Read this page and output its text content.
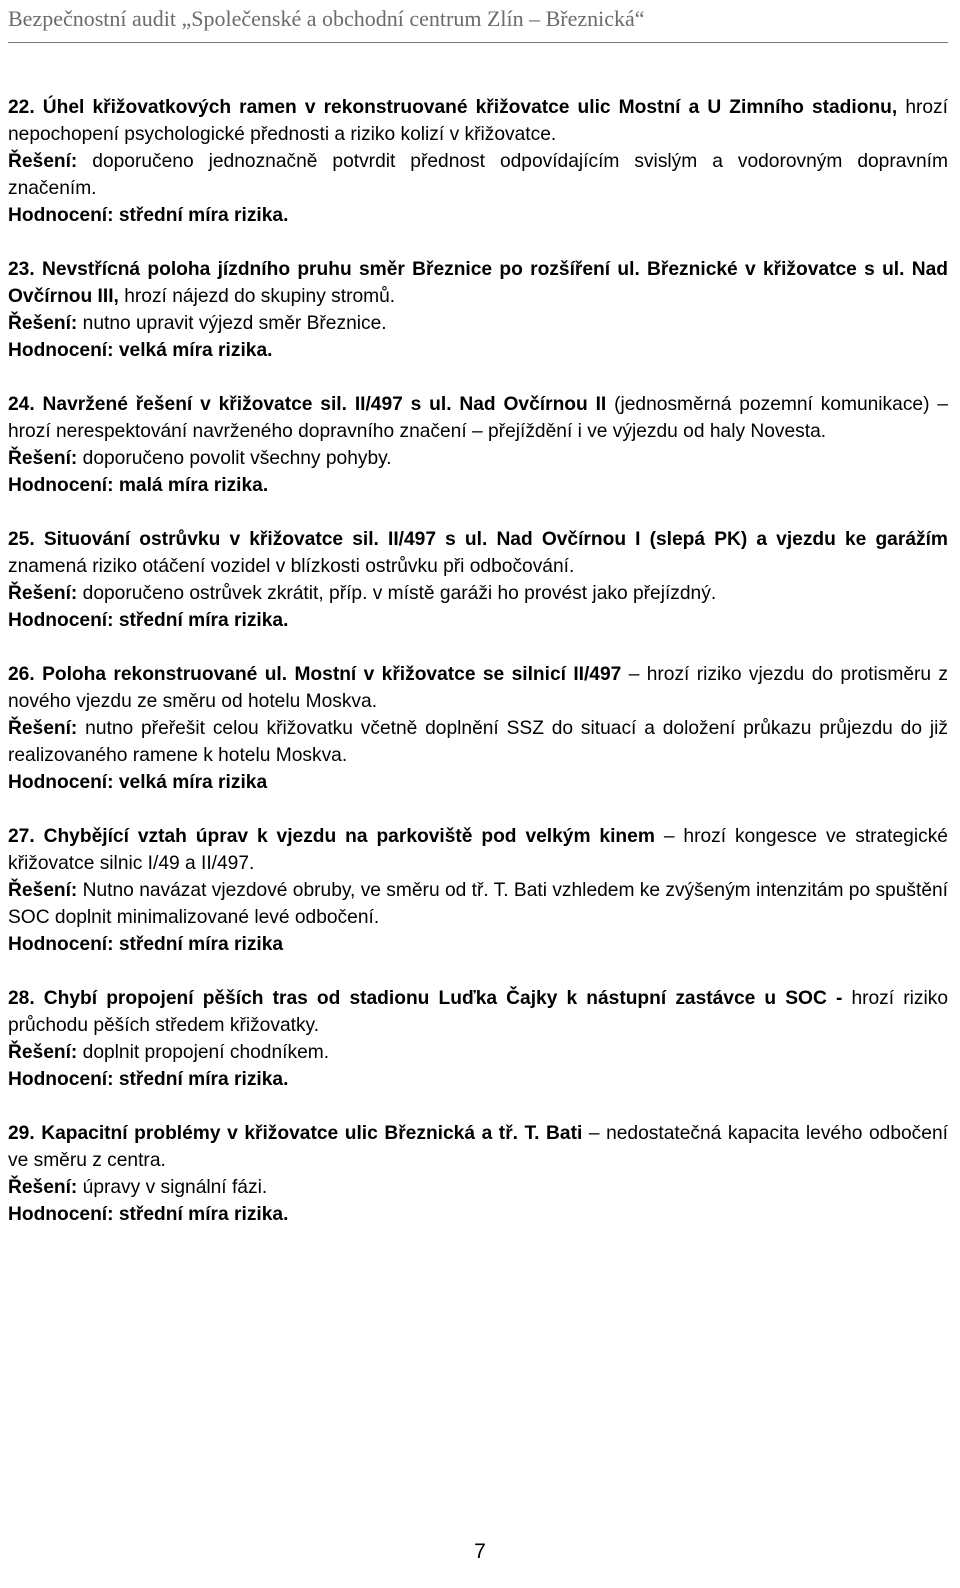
Bezpečnostní audit „Společenské a obchodní centrum Zlín – Březnická“

22. Úhel křižovatkových ramen v rekonstruované křižovatce ulic Mostní a U Zimního stadionu, hrozí nepochopení psychologické přednosti a riziko kolizí v křižovatce.

Řešení: doporučeno jednoznačně potvrdit přednost odpovídajícím svislým a vodorovným dopravním značením.

Hodnocení: střední míra rizika.

23. Nevstřícná poloha jízdního pruhu směr Březnice po rozšíření ul. Březnické v křižovatce s ul. Nad Ovčírnou III, hrozí nájezd do skupiny stromů.

Řešení: nutno upravit výjezd směr Březnice.

Hodnocení: velká míra rizika.

24. Navržené řešení v křižovatce sil. II/497 s ul. Nad Ovčírnou II (jednosměrná pozemní komunikace) – hrozí nerespektování navrženého dopravního značení – přejíždění i ve výjezdu od haly Novesta.

Řešení: doporučeno povolit všechny pohyby.

Hodnocení: malá míra rizika.

25. Situování ostrůvku v křižovatce sil. II/497 s ul. Nad Ovčírnou I (slepá PK) a vjezdu ke garážím znamená riziko otáčení vozidel v blízkosti ostrůvku při odbočování.

Řešení: doporučeno ostrůvek zkrátit, příp. v místě garáži ho provést jako přejízdný.

Hodnocení: střední míra rizika.

26. Poloha rekonstruované ul. Mostní v křižovatce se silnicí II/497 – hrozí riziko vjezdu do protisměru z nového vjezdu ze směru od hotelu Moskva.

Řešení: nutno přeřešit celou křižovatku včetně doplnění SSZ do situací a doložení průkazu průjezdu do již realizovaného ramene k hotelu Moskva.

Hodnocení: velká míra rizika

27. Chybějící vztah úprav k vjezdu na parkoviště pod velkým kinem – hrozí kongesce ve strategické křižovatce silnic I/49 a II/497.

Řešení: Nutno navázat vjezdové obruby, ve směru od tř. T. Bati vzhledem ke zvýšeným intenzitám po spuštění SOC doplnit minimalizované levé odbočení.

Hodnocení: střední míra rizika

28. Chybí propojení pěších tras od stadionu Luďka Čajky k nástupní zastávce u SOC - hrozí riziko průchodu pěších středem křižovatky.

Řešení: doplnit propojení chodníkem.

Hodnocení: střední míra rizika.

29. Kapacitní problémy v křižovatce ulic Březnická a tř. T. Bati – nedostatečná kapacita levého odbočení ve směru z centra.

Řešení: úpravy v signální fázi.

Hodnocení: střední míra rizika.

7
